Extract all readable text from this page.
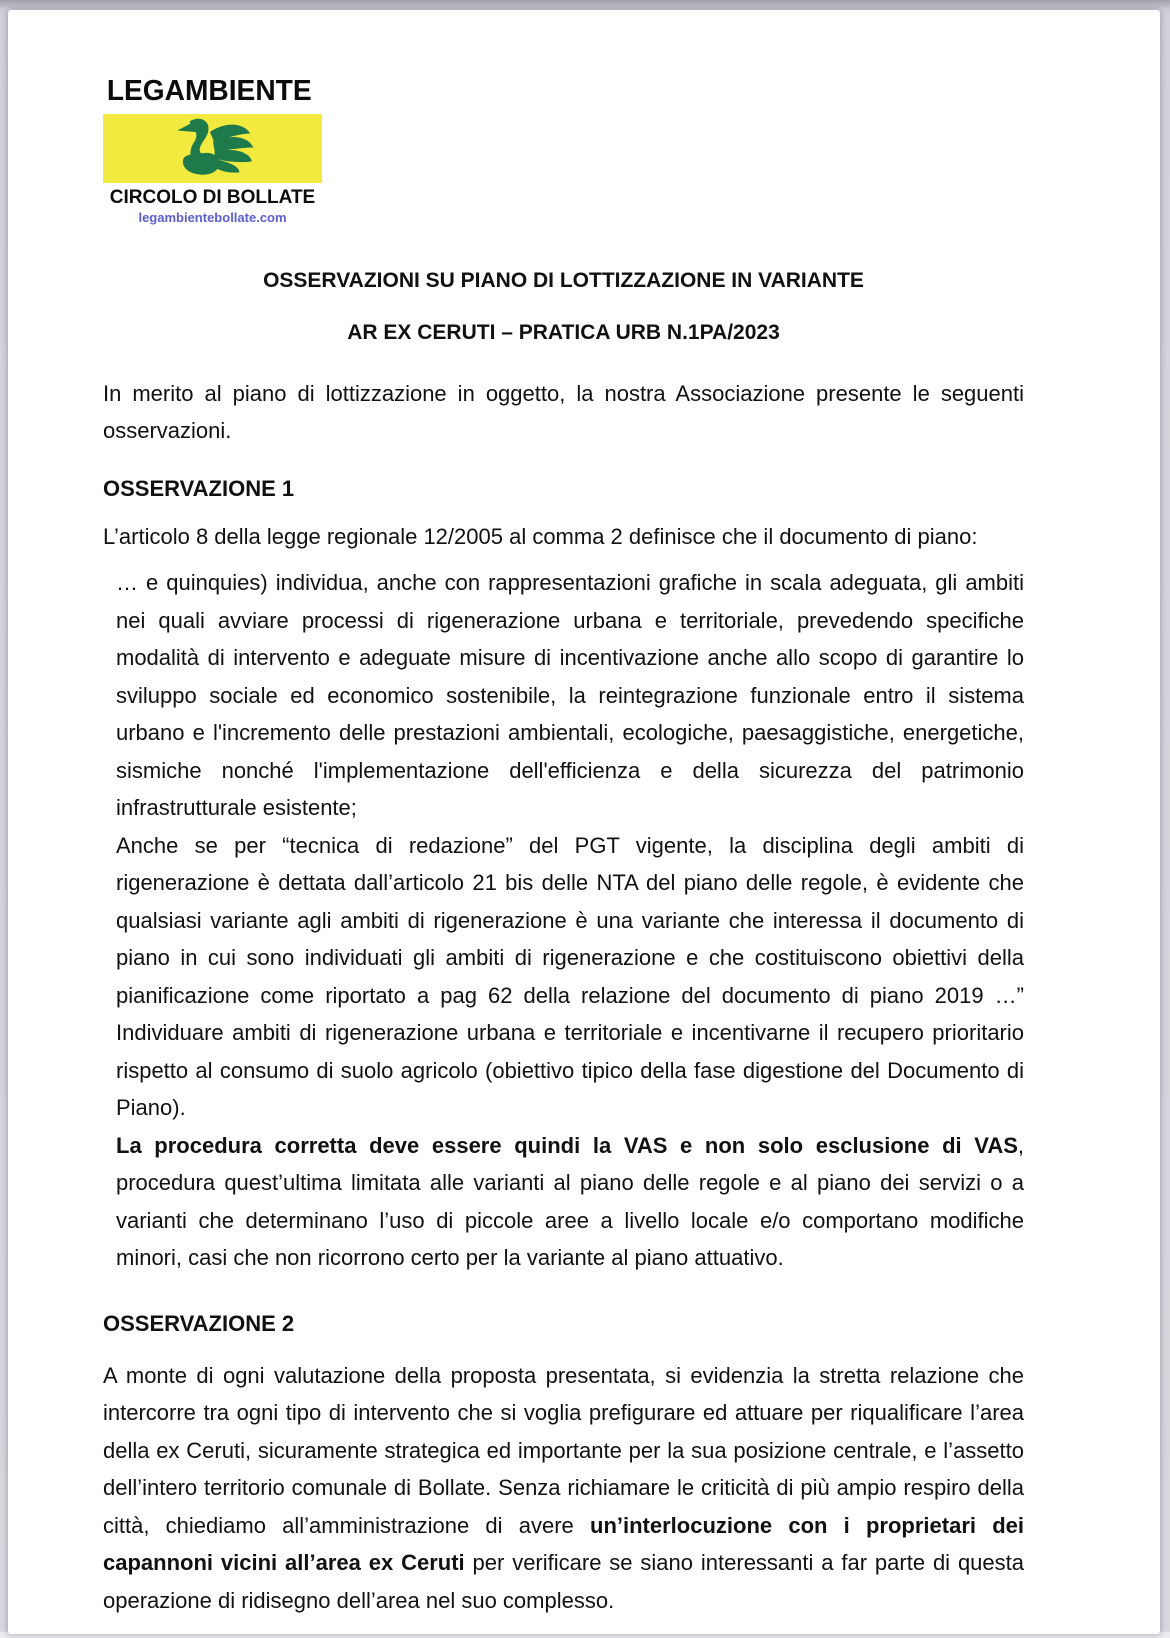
LEGAMBIENTE
CIRCOLO DI BOLLATE
legambientebollate.com
OSSERVAZIONI SU PIANO DI LOTTIZZAZIONE IN VARIANTE
AR EX CERUTI – PRATICA URB N.1PA/2023

In merito al piano di lottizzazione in oggetto, la nostra Associazione presente le seguenti osservazioni.

OSSERVAZIONE 1

L’articolo 8 della legge regionale 12/2005 al comma 2 definisce che il documento di piano:

… e quinquies) individua, anche con rappresentazioni grafiche in scala adeguata, gli ambiti nei quali avviare processi di rigenerazione urbana e territoriale, prevedendo specifiche modalità di intervento e adeguate misure di incentivazione anche allo scopo di garantire lo sviluppo sociale ed economico sostenibile, la reintegrazione funzionale entro il sistema urbano e l'incremento delle prestazioni ambientali, ecologiche, paesaggistiche, energetiche, sismiche nonché l'implementazione dell'efficienza e della sicurezza del patrimonio infrastrutturale esistente;

Anche se per “tecnica di redazione” del PGT vigente, la disciplina degli ambiti di rigenerazione è dettata dall’articolo 21 bis delle NTA del piano delle regole, è evidente che qualsiasi variante agli ambiti di rigenerazione è una variante che interessa il documento di piano in cui sono individuati gli ambiti di rigenerazione e che costituiscono obiettivi della pianificazione come riportato a pag 62 della relazione del documento di piano 2019 …” Individuare ambiti di rigenerazione urbana e territoriale e incentivarne il recupero prioritario rispetto al consumo di suolo agricolo (obiettivo tipico della fase digestione del Documento di Piano).

La procedura corretta deve essere quindi la VAS e non solo esclusione di VAS, procedura quest’ultima limitata alle varianti al piano delle regole e al piano dei servizi o a varianti che determinano l’uso di piccole aree a livello locale e/o comportano modifiche minori, casi che non ricorrono certo per la variante al piano attuativo.

OSSERVAZIONE 2

A monte di ogni valutazione della proposta presentata, si evidenzia la stretta relazione che intercorre tra ogni tipo di intervento che si voglia prefigurare ed attuare per riqualificare l’area della ex Ceruti, sicuramente strategica ed importante per la sua posizione centrale, e l’assetto dell’intero territorio comunale di Bollate. Senza richiamare le criticità di più ampio respiro della città, chiediamo all’amministrazione di avere un’interlocuzione con i proprietari dei capannoni vicini all’area ex Ceruti per verificare se siano interessanti a far parte di questa operazione di ridisegno dell’area nel suo complesso.
